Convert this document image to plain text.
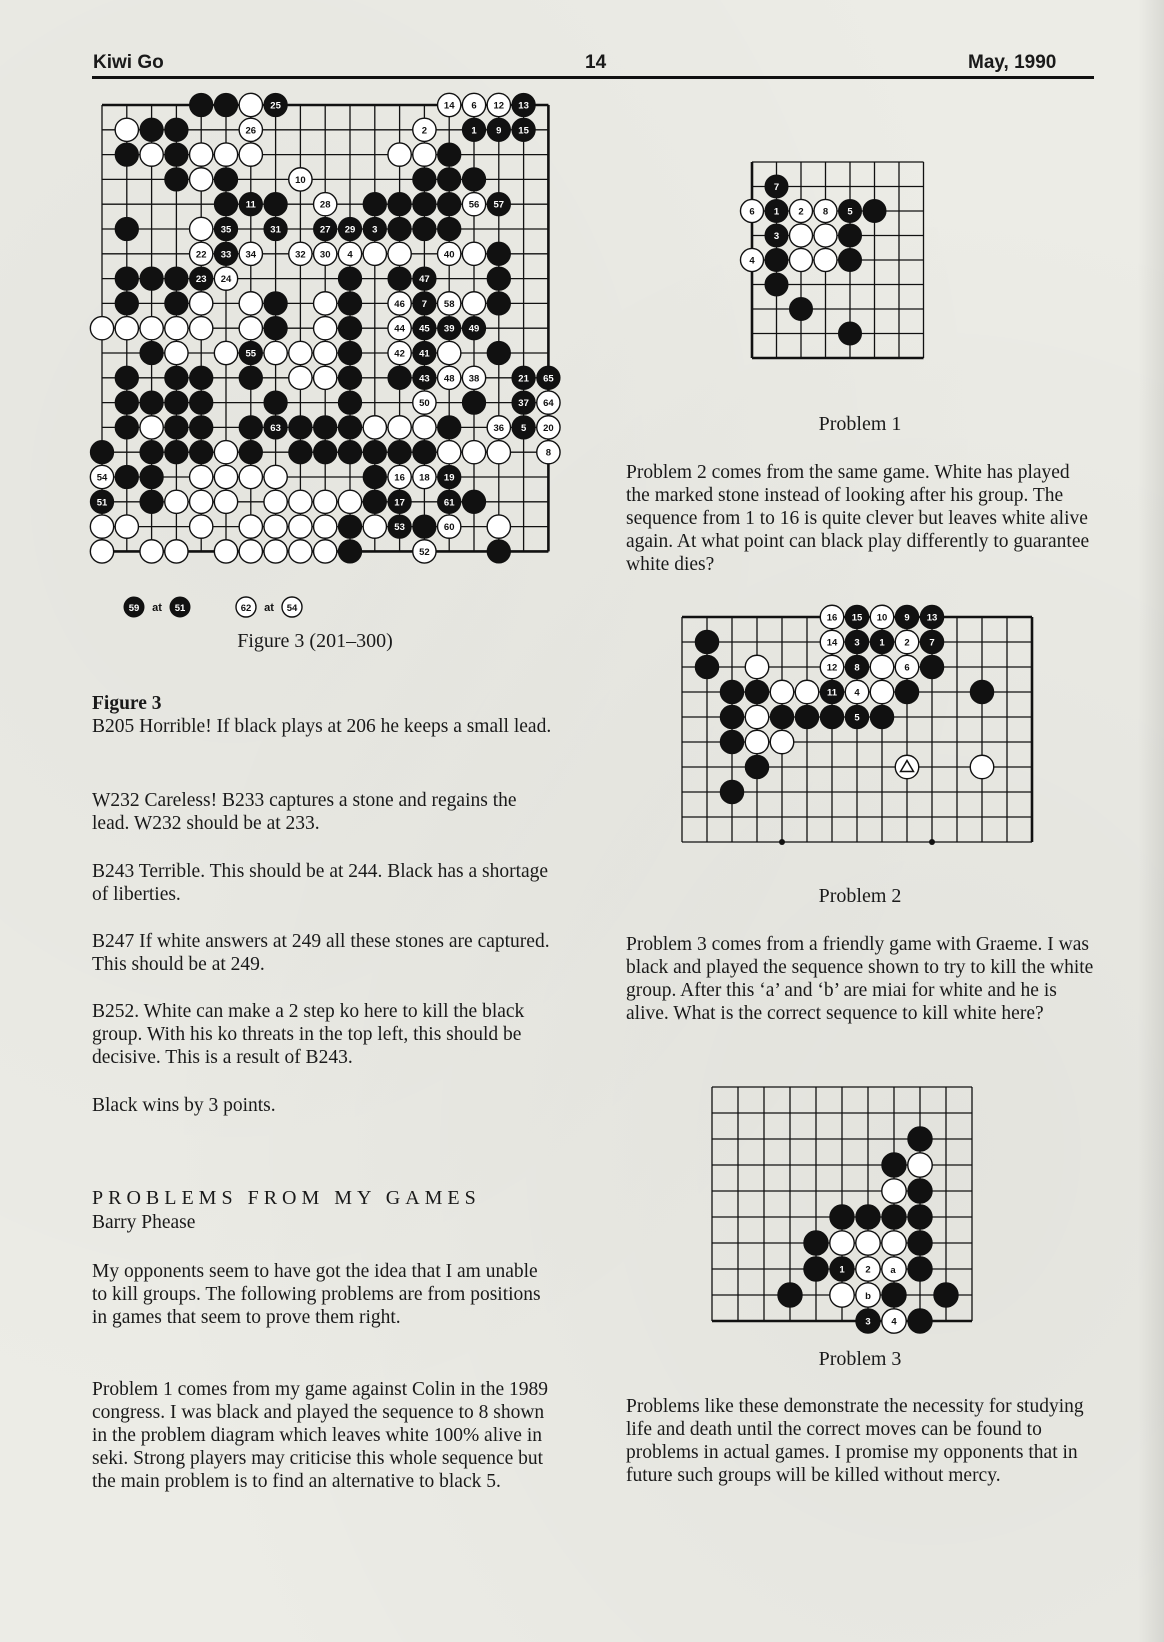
Kiwi Go	14	May, 1990
25	14 6 12 13
26	2	1 9 15
10
11	28	56 57
35	31	27 29 3
22 33 34	32 30 4	40
23 24	47
46 7 58
44 45 39 49
55	42 41
43 48 38	21 65
50	37 64
63	36 5 20
8
54	16 18 19
51	17	61
53	60
52
59 at 51	62 at 54
Figure 3 (201–300)
Figure 3

B205 Horrible! If black plays at 206 he keeps a small lead.

W232 Careless! B233 captures a stone and regains the lead. W232 should be at 233.

B243 Terrible. This should be at 244. Black has a shortage of liberties.

B247 If white answers at 249 all these stones are captured. This should be at 249.

B252. White can make a 2 step ko here to kill the black group. With his ko threats in the top left, this should be decisive. This is a result of B243.

Black wins by 3 points.

PROBLEMS FROM MY GAMES
Barry Phease

My opponents seem to have got the idea that I am unable to kill groups. The following problems are from positions in games that seem to prove them right.

Problem 1 comes from my game against Colin in the 1989 congress. I was black and played the sequence to 8 shown in the problem diagram which leaves white 100% alive in seki. Strong players may criticise this whole sequence but the main problem is to find an alternative to black 5.

7
6 1 2 8 5
3
4
Problem 1

Problem 2 comes from the same game. White has played the marked stone instead of looking after his group. The sequence from 1 to 16 is quite clever but leaves white alive again. At what point can black play differently to guarantee white dies?

16 15 10 9 13
14 3 1 2 7
12 8	6
11 4
5
Problem 2

Problem 3 comes from a friendly game with Graeme. I was black and played the sequence shown to try to kill the white group. After this ‘a’ and ‘b’ are miai for white and he is alive. What is the correct sequence to kill white here?

1 2
3 4
a
b
Problem 3

Problems like these demonstrate the necessity for studying life and death until the correct moves can be found to problems in actual games. I promise my opponents that in future such groups will be killed without mercy.
